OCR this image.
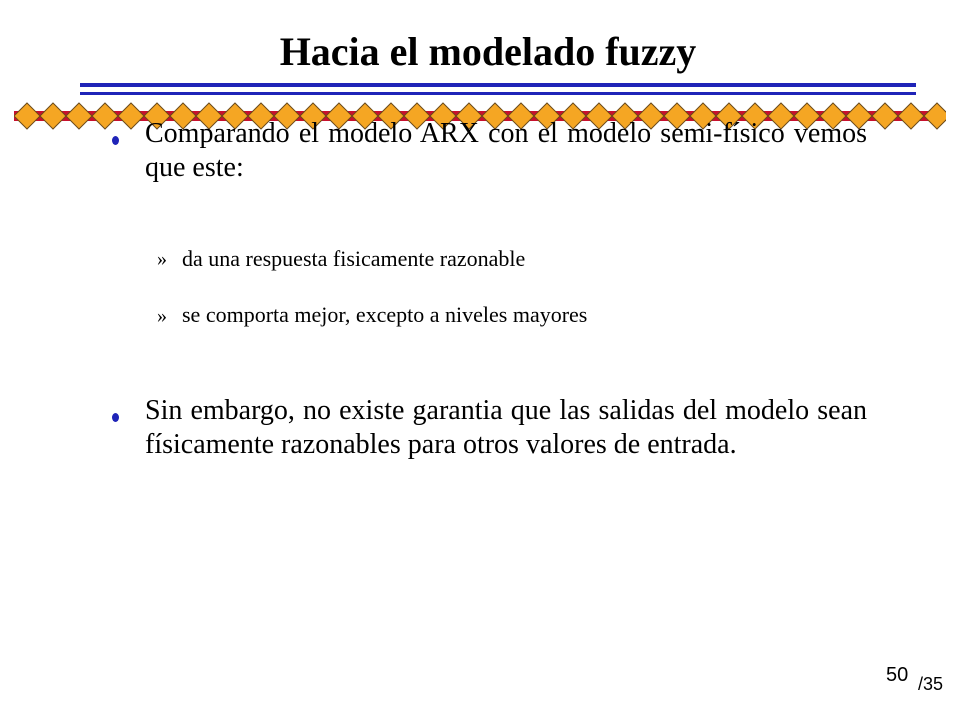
Hacia el modelado fuzzy

Comparando el modelo ARX con el modelo semi-físico vemos que este:

» da una respuesta fisicamente razonable

» se comporta mejor, excepto a niveles mayores

Sin embargo, no existe garantia que las salidas del modelo sean físicamente razonables para otros valores de entrada.

50 /35
